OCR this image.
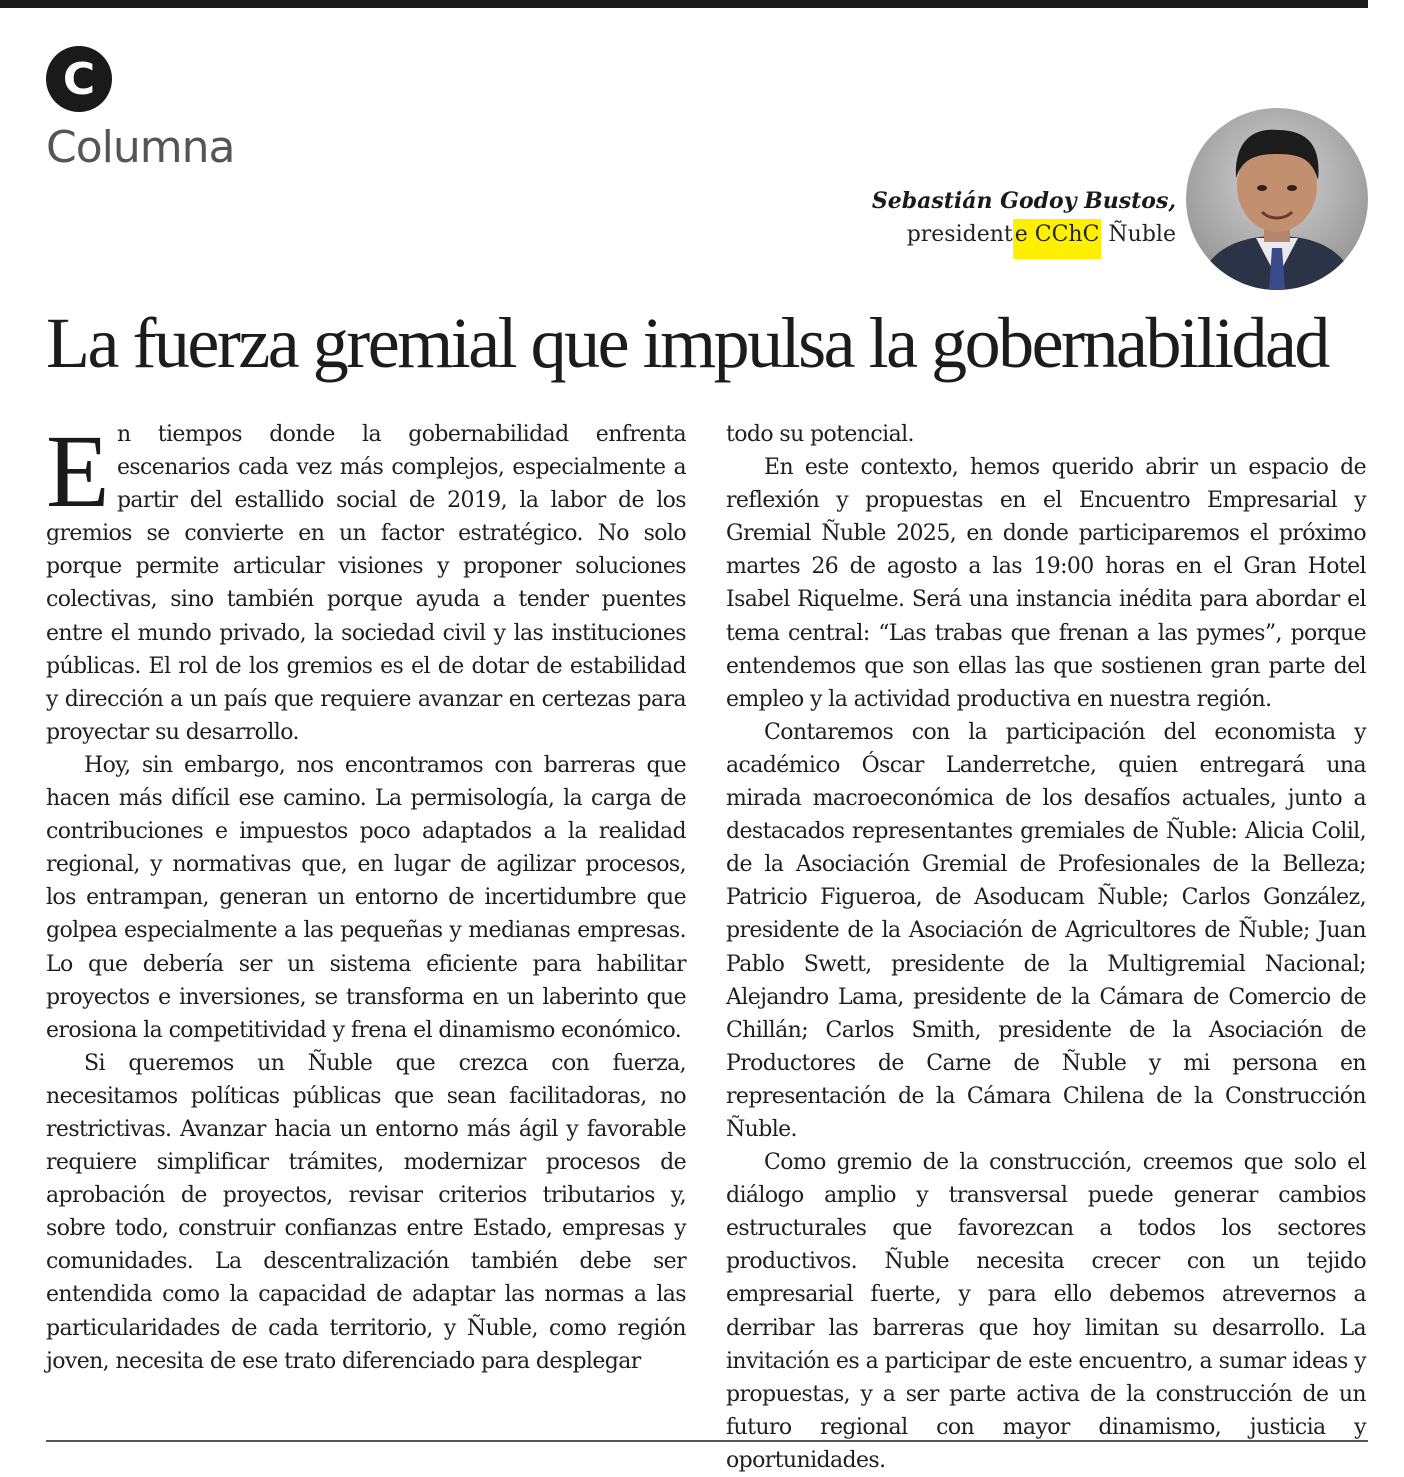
C
Columna
Sebastián Godoy Bustos,
presidente CChC Ñuble
La fuerza gremial que impulsa la gobernabilidad

En tiempos donde la gobernabilidad enfrenta escenarios cada vez más complejos, especialmente a partir del estallido social de 2019, la labor de los gremios se convierte en un factor estratégico. No solo porque permite articular visiones y proponer soluciones colectivas, sino también porque ayuda a tender puentes entre el mundo privado, la sociedad civil y las instituciones públicas. El rol de los gremios es el de dotar de estabilidad y dirección a un país que requiere avanzar en certezas para proyectar su desarrollo.

Hoy, sin embargo, nos encontramos con barreras que hacen más difícil ese camino. La permisología, la carga de contribuciones e impuestos poco adaptados a la realidad regional, y normativas que, en lugar de agilizar procesos, los entrampan, generan un entorno de incertidumbre que golpea especialmente a las pequeñas y medianas empresas. Lo que debería ser un sistema eficiente para habilitar proyectos e inversiones, se transforma en un laberinto que erosiona la competitividad y frena el dinamismo económico.

Si queremos un Ñuble que crezca con fuerza, necesitamos políticas públicas que sean facilitadoras, no restrictivas. Avanzar hacia un entorno más ágil y favorable requiere simplificar trámites, modernizar procesos de aprobación de proyectos, revisar criterios tributarios y, sobre todo, construir confianzas entre Estado, empresas y comunidades. La descentralización también debe ser entendida como la capacidad de adaptar las normas a las particularidades de cada territorio, y Ñuble, como región joven, necesita de ese trato diferenciado para desplegar

todo su potencial.

En este contexto, hemos querido abrir un espacio de reflexión y propuestas en el Encuentro Empresarial y Gremial Ñuble 2025, en donde participaremos el próximo martes 26 de agosto a las 19:00 horas en el Gran Hotel Isabel Riquelme. Será una instancia inédita para abordar el tema central: “Las trabas que frenan a las pymes”, porque entendemos que son ellas las que sostienen gran parte del empleo y la actividad productiva en nuestra región.

Contaremos con la participación del economista y académico Óscar Landerretche, quien entregará una mirada macroeconómica de los desafíos actuales, junto a destacados representantes gremiales de Ñuble: Alicia Colil, de la Asociación Gremial de Profesionales de la Belleza; Patricio Figueroa, de Asoducam Ñuble; Carlos González, presidente de la Asociación de Agricultores de Ñuble; Juan Pablo Swett, presidente de la Multigremial Nacional; Alejandro Lama, presidente de la Cámara de Comercio de Chillán; Carlos Smith, presidente de la Asociación de Productores de Carne de Ñuble y mi persona en representación de la Cámara Chilena de la Construcción Ñuble.

Como gremio de la construcción, creemos que solo el diálogo amplio y transversal puede generar cambios estructurales que favorezcan a todos los sectores productivos. Ñuble necesita crecer con un tejido empresarial fuerte, y para ello debemos atrevernos a derribar las barreras que hoy limitan su desarrollo. La invitación es a participar de este encuentro, a sumar ideas y propuestas, y a ser parte activa de la construcción de un futuro regional con mayor dinamismo, justicia y oportunidades.
